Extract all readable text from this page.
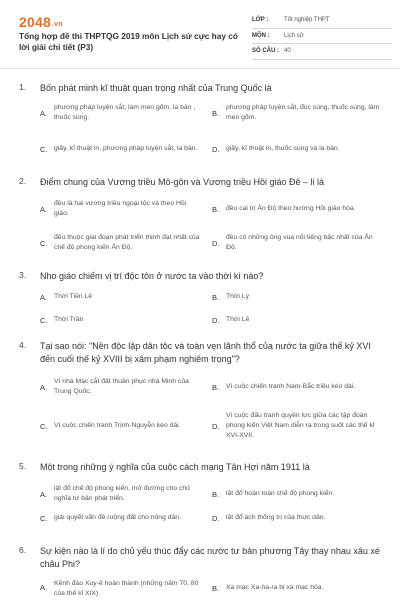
2048.vn
Tổng hợp đề thi THPTQG 2019 môn Lịch sử cực hay có lời giải chi tiết (P3)
LỚP :	Tốt nghiệp THPT
MÔN :	Lịch sử
SỐ CÂU : 40
1. Bốn phát minh kĩ thuật quan trọng nhất của Trung Quốc là
A.
phương pháp luyện sắt, làm men gốm, la bàn , thuốc súng.	B.
phương pháp luyện sắt, đúc súng, thuốc súng, làm men gốm.
C. giấy, kĩ thuật in, phương pháp luyện sắt, la bàn. D. giấy, kĩ thuật in, thuốc súng và la bàn.
2. Điểm chung của Vương triều Mô-gôn và Vương triều Hồi giáo Đê – li là
A.
đều là hai vương triều ngoại tộc và theo Hồi giáo.	B.	đều cai trị Ấn Độ theo hướng Hồi giáo hóa.
C.
đều thuộc giai đoạn phát triển thịnh đạt nhất của chế độ phong kiến Ấn Độ.	D.
đều có những ông vua nổi tiếng bậc nhất của Ấn Độ.
3. Nho giáo chiếm vị trí độc tôn ở nước ta vào thời kì nào?
A.	Thời Tiền Lê	B.	Thời Lý
C. Thời Trần	D. Thời Lê
4. Tại sao nói: "Nền độc lập dân tộc và toàn vẹn lãnh thổ của nước ta giữa thế kỷ XVI đến cuối thế kỷ XVIII bị xâm phạm nghiêm trọng"?
A.
Vì nhà Mạc cắt đất thuần phục nhà Minh của Trung Quốc.	B.	Vì cuộc chiến tranh Nam-Bắc triều kéo dài.
C. Vì cuộc chiến tranh Trịnh-Nguyễn kéo dài.	D.
Vì cuộc đấu tranh quyền lực giữa các tập đoàn phong kiến Việt Nam diễn ra trong suốt các thế kỉ XVI-XVII.
5. Một trong những ý nghĩa của cuộc cách mạng Tân Hợi năm 1911 là
A.
lật đổ chế độ phong kiến, mở đường cho chủ nghĩa tư bản phát triển.	B.	lật đổ hoàn toàn chế độ phong kiến.
C. giải quyết vấn đề ruộng đất cho nông dân.	D. lật đổ ách thống trị của thực dân.
6. Sự kiện nào là lí do chủ yếu thúc đẩy các nước tư bản phương Tây thay nhau xâu xé châu Phi?
A.	Kênh đào Xuy-ê hoàn thành (những năm 70, 80 của thế kỉ XIX).
B.	Xa mạc Xa-ha-ra bị xa mạc hóa.
